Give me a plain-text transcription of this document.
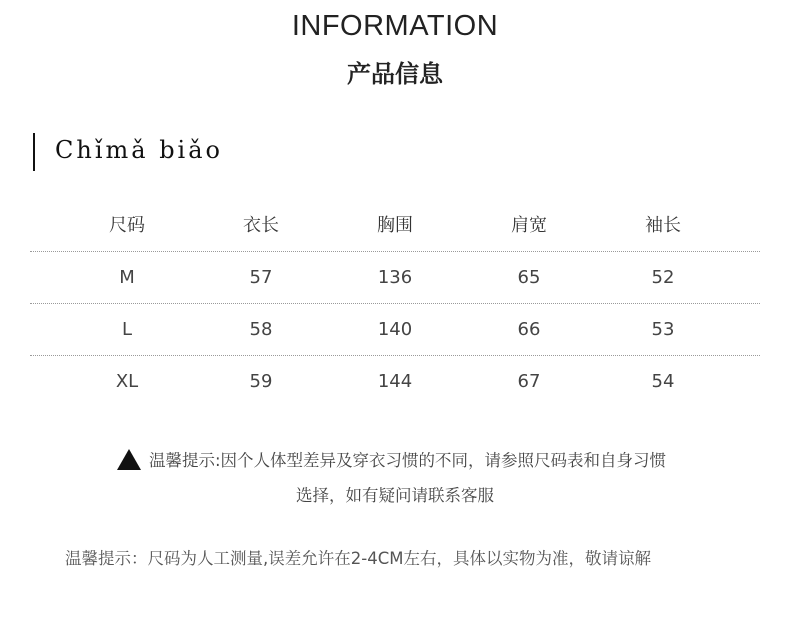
INFORMATION
产品信息
Chǐmǎ biǎo
尺码	衣长	胸围	肩宽	袖长
M	57	136	65	52
L	58	140	66	53
XL	59	144	67	54
温馨提示:因个人体型差异及穿衣习惯的不同，请参照尺码表和自身习惯
选择，如有疑问请联系客服
温馨提示：尺码为人工测量,误差允许在2-4CM左右，具体以实物为准，敬请谅解
